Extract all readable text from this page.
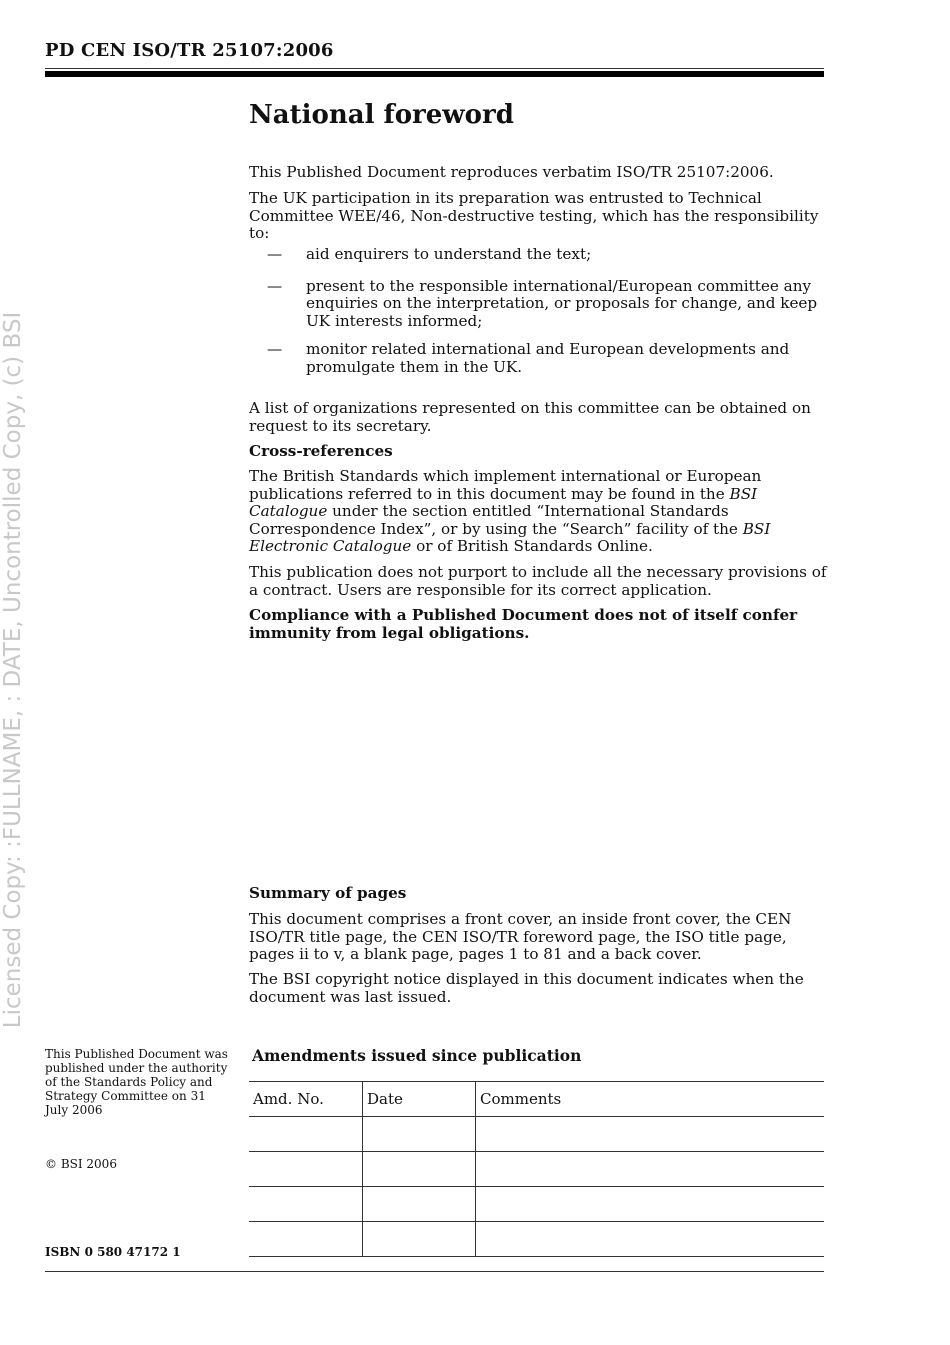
PD CEN ISO/TR 25107:2006
Licensed Copy: :FULLNAME, : DATE, Uncontrolled Copy, (c) BSI
National foreword
This Published Document reproduces verbatim ISO/TR 25107:2006.
The UK participation in its preparation was entrusted to Technical Committee WEE/46, Non-destructive testing, which has the responsibility to:
— aid enquirers to understand the text;
— present to the responsible international/European committee any enquiries on the interpretation, or proposals for change, and keep UK interests informed;
— monitor related international and European developments and promulgate them in the UK.
A list of organizations represented on this committee can be obtained on request to its secretary.
Cross-references
The British Standards which implement international or European publications referred to in this document may be found in the BSI Catalogue under the section entitled “International Standards Correspondence Index”, or by using the “Search” facility of the BSI Electronic Catalogue or of British Standards Online.
This publication does not purport to include all the necessary provisions of a contract. Users are responsible for its correct application.
Compliance with a Published Document does not of itself confer immunity from legal obligations.
Summary of pages
This document comprises a front cover, an inside front cover, the CEN ISO/TR title page, the CEN ISO/TR foreword page, the ISO title page, pages ii to v, a blank page, pages 1 to 81 and a back cover.
The BSI copyright notice displayed in this document indicates when the document was last issued.
This Published Document was published under the authority of the Standards Policy and Strategy Committee on 31 July 2006
© BSI 2006
ISBN 0 580 47172 1
Amendments issued since publication
Amd. No.	Date	Comments
